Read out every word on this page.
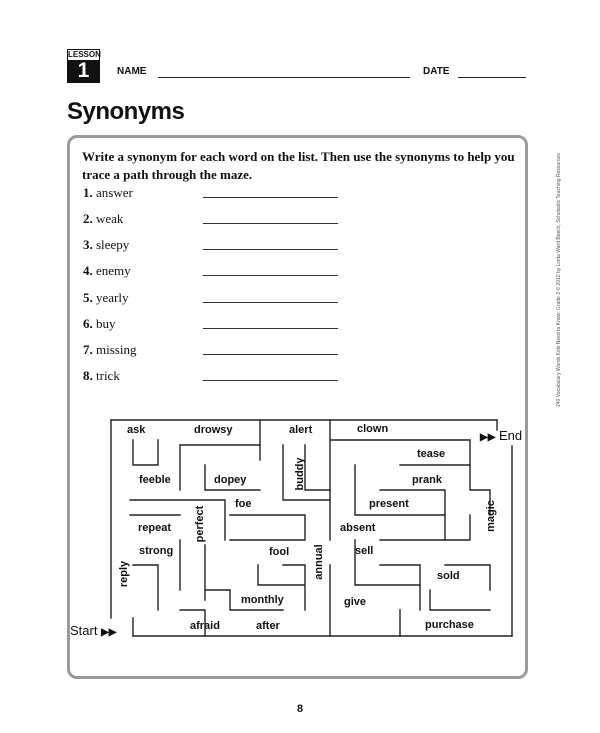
LESSON
1	NAME	DATE
Synonyms
Write a synonym for each word on the list. Then use the synonyms to help you trace a path through the maze.
1. answer
2. weak
3. sleepy
4. enemy
5. yearly
6. buy
7. missing
8. trick
ask	drowsy	alert	clown
tease
feeble	dopey	buddy	prank
foe	present	magic
repeat perfect	absent
strong	fool annual	sell
reply	sold
monthly	give
afraid	after	purchase
Start ▶▶
▶▶ End
240 Vocabulary Words Kids Need to Know: Grade 3 © 2012 by Linda Ward Beech, Scholastic Teaching Resources
8
